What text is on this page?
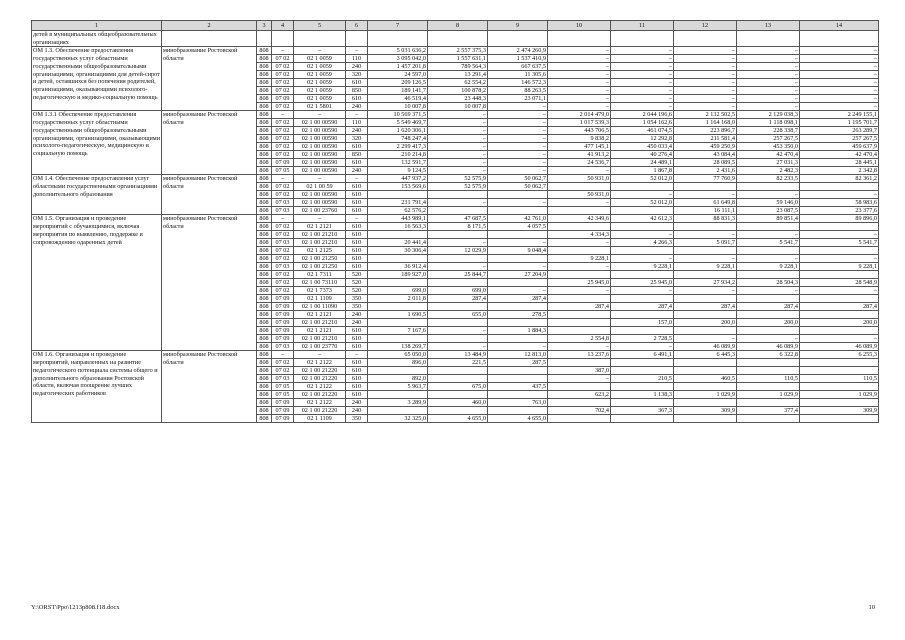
1	2	3	4	5	6	7	8	9	10	11	12	13	14
детей в муниципальных общеобразовательных организациях													
ОМ 1.3. Обеспечение предоставления государственных услуг областными государственными общеобразовательными организациями, организациями для детей-сирот и детей, оставшихся без попечения родителей, организациями, оказывающими психолого-педагогическую и медико-социальную помощь	минобразование Ростовской области	808	–	–	–	5 031 636,2	2 557 375,3	2 474 260,9	–	–	–	–	–
		808	07 02	02 1 0059	110	3 095 042,0	1 557 631,1	1 537 410,9	–	–	–	–	–
		808	07 02	02 1 0059	240	1 457 201,8	789 564,3	667 637,5	–	–	–	–	–
		808	07 02	02 1 0059	320	24 597,0	13 291,4	11 305,6	–	–	–	–	–
		808	07 02	02 1 0059	610	209 126,5	62 554,2	146 572,3	–	–	–	–	–
		808	07 02	02 1 0059	850	189 141,7	100 878,2	88 263,5	–	–	–	–	–
		808	07 09	02 1 0059	610	46 519,4	23 448,3	23 071,1	–	–	–	–	–
		808	07 02	02 1 5801	240	10 007,8	10 007,8	–	–	–	–	–	–
ОМ 1.3.1 Обеспечение предоставления государственных услуг областными государственными общеобразовательными организациями, организациями, оказывающими психолого-педагогическую, медицинскую и социальную помощь	минобразование Ростовской области	808	–	–	–	10 569 371,5	–	–	2 014 479,0	2 044 196,6	2 132 502,5	2 129 038,3	2 249 155,1
		808	07 02	02 1 00 00590	110	5 549 469,7	–	–	1 017 539,3	1 054 162,6	1 164 168,0	1 118 098,1	1 195 701,7
		808	07 02	02 1 00 00590	240	1 620 306,1	–	–	443 706,5	461 074,5	223 896,7	228 338,7	263 289,7
		808	07 02	02 1 00 00590	320	748 247,4	–	–	9 838,2	12 292,8	211 581,4	257 267,5	257 267,5
		808	07 02	02 1 00 00590	610	2 299 417,3	–	–	477 145,1	450 033,4	459 250,9	453 350,0	459 637,9
		808	07 02	02 1 00 00590	850	210 214,8	–	–	41 913,2	40 276,4	43 084,4	42 470,4	42 470,4
		808	07 09	02 1 00 00590	610	132 591,7	–	–	24 536,7	24 489,1	28 089,5	27 031,3	28 445,1
		808	07 05	02 1 00 00590	240	9 124,5	–	–	–	1 867,8	2 431,6	2 482,3	2 342,8
ОМ 1.4. Обеспечение предоставления услуг областными государственными организациями дополнительного образования	минобразование Ростовской области	808	–	–	–	447 937,2	52 575,9	50 062,7	50 931,0	52 012,0	77 760,9	82 233,5	82 361,2
		808	07 02	02 1 00 59	610	153 569,6	52 575,9	50 062,7					
		808	07 02	02 1 00 00590	610				50 931,0	–	–	–	–
		808	07 03	02 1 00 00590	610	231 791,4	–	–	–	52 012,0	61 649,8	59 146,0	58 983,6
		808	07 03	02 1 00 23760	610	62 576,2					16 111,1	23 087,5	23 377,6
ОМ 1.5. Организация и проведение мероприятий с обучающимися, включая мероприятия по выявлению, поддержке и сопровождению одаренных детей	минобразование Ростовской области	808	–	–	–	443 989,1	47 687,5	42 761,0	42 349,6	42 612,3	88 831,3	89 851,4	89 896,0
		808	07 02	02 1 2121	610	16 563,3	8 171,5	4 057,5					
		808	07 02	02 1 00 21210	610				4 334,3	–	–	–	–
		808	07 03	02 1 00 21210	610	20 441,4	–	–	–	4 266,3	5 091,7	5 541,7	5 541,7
		808	07 02	02 1 2125	610	30 306,4	12 029,9	9 048,4					
		808	07 02	02 1 00 21250	610				9 228,1	–	–	–	–
		808	07 03	02 1 00 21250	610	36 912,4	–	–	–	9 228,1	9 228,1	9 228,1	9 228,1
		808	07 02	02 1 7311	520	189 927,0	25 844,7	27 204,9					
		808	07 02	02 1 00 73110	520				25 945,0	25 945,0	27 934,2	28 504,3	28 548,9
		808	07 02	02 1 7373	520	699,0	699,0	–	–	–	–	–	–
		808	07 09	02 1 1109	350	2 011,8	287,4	287,4					
		808	07 09	02 1 00 11090	350				287,4	287,4	287,4	287,4	287,4
		808	07 09	02 1 2121	240	1 690,5	655,0	278,5					
		808	07 09	02 1 00 21210	240					157,0	200,0	200,0	200,0
		808	07 09	02 1 2121	610	7 167,6	–	1 884,3					
		808	07 09	02 1 00 21210	610				2 554,8	2 728,5	–	–	–
		808	07 03	02 1 00 23770	610	138 269,7	–	–	–	–	46 089,9	46 089,9	46 089,9
ОМ 1.6. Организация и проведение мероприятий, направленных на развитие педагогического потенциала системы общего и дополнительного образования Ростовской области, включая поощрение лучших педагогических работников	минобразование Ростовской области	808	–	–	–	65 050,0	13 484,9	12 813,0	13 237,6	6 491,1	6 445,3	6 322,8	6 255,3
		808	07 02	02 1 2122	610	896,0	221,5	287,5					
		808	07 02	02 1 00 21220	610				387,0				
		808	07 03	02 1 00 21220	610	892,0			–	210,5	460,5	110,5	110,5
		808	07 05	02 1 2122	610	5 963,7	675,0	437,5					
		808	07 05	02 1 00 21220	610				623,2	1 138,3	1 029,9	1 029,9	1 029,9
		808	07 09	02 1 2122	240	3 289,9	460,0	763,0					
		808	07 09	02 1 00 21220	240				702,4	367,3	309,9	377,4	309,9
		808	07 09	02 1 1109	350	32 325,0	4 655,0	4 655,0					
Y:\ORST\Ppo\1213p808.f18.docx	10
